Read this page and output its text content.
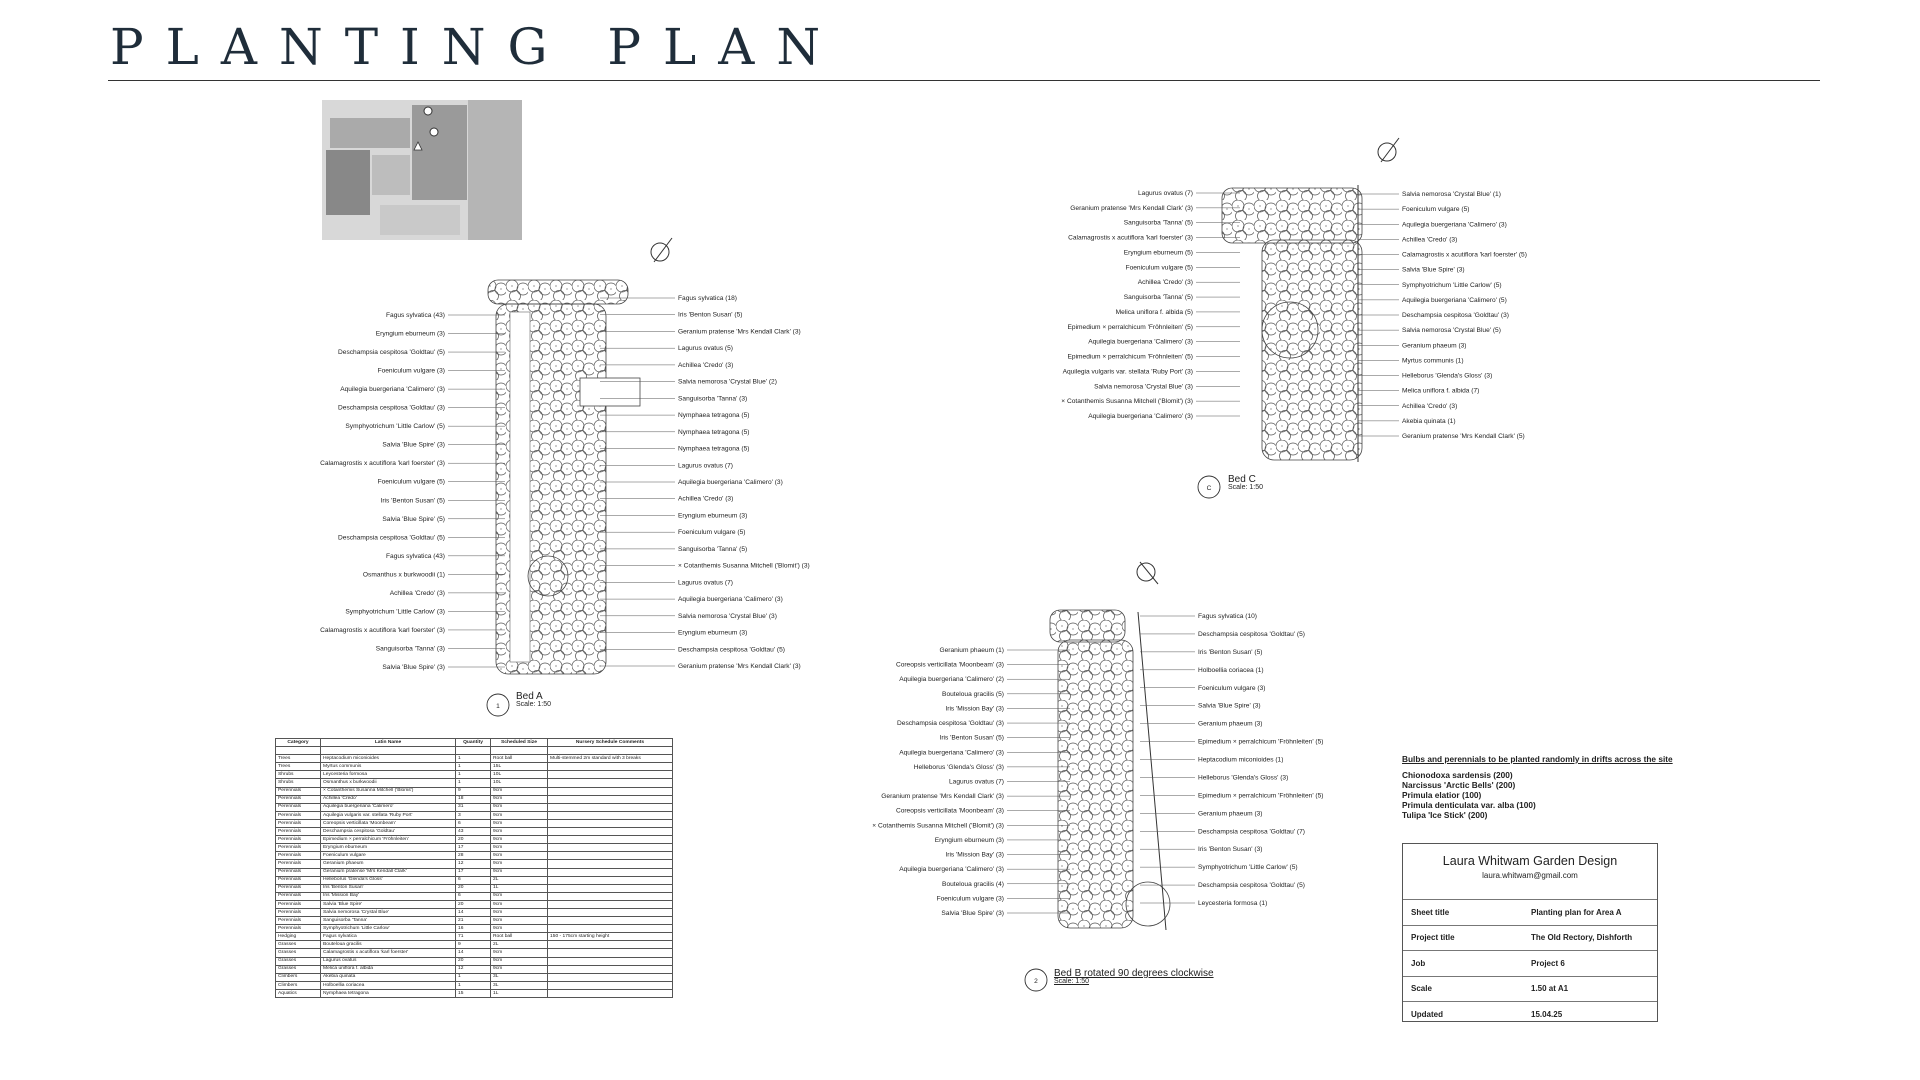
PLANTING PLAN
1
C
2
Fagus sylvatica (43)
Eryngium eburneum (3)
Deschampsia cespitosa 'Goldtau' (5)
Foeniculum vulgare (3)
Aquilegia buergeriana 'Calimero' (3)
Deschampsia cespitosa 'Goldtau' (3)
Symphyotrichum 'Little Carlow' (5)
Salvia 'Blue Spire' (3)
Calamagrostis x acutiflora 'karl foerster' (3)
Foeniculum vulgare (5)
Iris 'Benton Susan' (5)
Salvia 'Blue Spire' (5)
Deschampsia cespitosa 'Goldtau' (5)
Fagus sylvatica (43)
Osmanthus x burkwoodii (1)
Achillea 'Credo' (3)
Symphyotrichum 'Little Carlow' (3)
Calamagrostis x acutiflora 'karl foerster' (3)
Sanguisorba 'Tanna' (3)
Salvia 'Blue Spire' (3)
Fagus sylvatica (18)
Iris 'Benton Susan' (5)
Geranium pratense 'Mrs Kendall Clark' (3)
Lagurus ovatus (5)
Achillea 'Credo' (3)
Salvia nemorosa 'Crystal Blue' (2)
Sanguisorba 'Tanna' (3)
Nymphaea tetragona (5)
Nymphaea tetragona (5)
Nymphaea tetragona (5)
Lagurus ovatus (7)
Aquilegia buergeriana 'Calimero' (3)
Achillea 'Credo' (3)
Eryngium eburneum (3)
Foeniculum vulgare (5)
Sanguisorba 'Tanna' (5)
× Cotanthemis Susanna Mitchell ('Blomit') (3)
Lagurus ovatus (7)
Aquilegia buergeriana 'Calimero' (3)
Salvia nemorosa 'Crystal Blue' (3)
Eryngium eburneum (3)
Deschampsia cespitosa 'Goldtau' (5)
Geranium pratense 'Mrs Kendall Clark' (3)
Lagurus ovatus (7)
Geranium pratense 'Mrs Kendall Clark' (3)
Sanguisorba 'Tanna' (5)
Calamagrostis x acutiflora 'karl foerster' (3)
Eryngium eburneum (5)
Foeniculum vulgare (5)
Achillea 'Credo' (3)
Sanguisorba 'Tanna' (5)
Melica uniflora f. albida (5)
Epimedium × perralchicum 'Fröhnleiten' (5)
Aquilegia buergeriana 'Calimero' (3)
Epimedium × perralchicum 'Fröhnleiten' (5)
Aquilegia vulgaris var. stellata 'Ruby Port' (3)
Salvia nemorosa 'Crystal Blue' (3)
× Cotanthemis Susanna Mitchell ('Blomit') (3)
Aquilegia buergeriana 'Calimero' (3)
Salvia nemorosa 'Crystal Blue' (1)
Foeniculum vulgare (5)
Aquilegia buergeriana 'Calimero' (3)
Achillea 'Credo' (3)
Calamagrostis x acutiflora 'karl foerster' (5)
Salvia 'Blue Spire' (3)
Symphyotrichum 'Little Carlow' (5)
Aquilegia buergeriana 'Calimero' (5)
Deschampsia cespitosa 'Goldtau' (3)
Salvia nemorosa 'Crystal Blue' (5)
Geranium phaeum (3)
Myrtus communis (1)
Helleborus 'Glenda's Gloss' (3)
Melica uniflora f. albida (7)
Achillea 'Credo' (3)
Akebia quinata (1)
Geranium pratense 'Mrs Kendall Clark' (5)
Geranium phaeum (1)
Coreopsis verticillata 'Moonbeam' (3)
Aquilegia buergeriana 'Calimero' (2)
Bouteloua gracilis (5)
Iris 'Mission Bay' (3)
Deschampsia cespitosa 'Goldtau' (3)
Iris 'Benton Susan' (5)
Aquilegia buergeriana 'Calimero' (3)
Helleborus 'Glenda's Gloss' (3)
Lagurus ovatus (7)
Geranium pratense 'Mrs Kendall Clark' (3)
Coreopsis verticillata 'Moonbeam' (3)
× Cotanthemis Susanna Mitchell ('Blomit') (3)
Eryngium eburneum (3)
Iris 'Mission Bay' (3)
Aquilegia buergeriana 'Calimero' (3)
Bouteloua gracilis (4)
Foeniculum vulgare (3)
Salvia 'Blue Spire' (3)
Fagus sylvatica (10)
Deschampsia cespitosa 'Goldtau' (5)
Iris 'Benton Susan' (5)
Holboellia coriacea (1)
Foeniculum vulgare (3)
Salvia 'Blue Spire' (3)
Geranium phaeum (3)
Epimedium × perralchicum 'Fröhnleiten' (5)
Heptacodium miconioides (1)
Helleborus 'Glenda's Gloss' (3)
Epimedium × perralchicum 'Fröhnleiten' (5)
Geranium phaeum (3)
Deschampsia cespitosa 'Goldtau' (7)
Iris 'Benton Susan' (3)
Symphyotrichum 'Little Carlow' (5)
Deschampsia cespitosa 'Goldtau' (5)
Leycesteria formosa (1)
Bed A
Scale: 1:50
Bed C
Scale: 1:50
Bed B rotated 90 degrees clockwise
Scale: 1:50
Category	Latin Name	Quantity	Scheduled Size	Nursery Schedule Comments

Trees	Heptacodium miconioides	1	Root ball	Multi-stemmed 2m standard with 3 breaks
Trees	Myrtus communis	1	15L	
Shrubs	Leycesteria formosa	1	10L	
Shrubs	Osmanthus x burkwoodii	1	10L	
Perennials	× Cotanthemis Susanna Mitchell ('Blomit')	9	9cm	
Perennials	Achillea 'Credo'	18	9cm	
Perennials	Aquilegia buergeriana 'Calimero'	31	9cm	
Perennials	Aquilegia vulgaris var. stellata 'Ruby Port'	3	9cm	
Perennials	Coreopsis verticillata 'Moonbeam'	6	9cm	
Perennials	Deschampsia cespitosa 'Goldtau'	43	9cm	
Perennials	Epimedium × perralchicum 'Fröhnleiten'	20	9cm	
Perennials	Eryngium eburneum	17	9cm	
Perennials	Foeniculum vulgare	28	9cm	
Perennials	Geranium phaeum	12	9cm	
Perennials	Geranium pratense 'Mrs Kendall Clark'	17	9cm	
Perennials	Helleborus 'Glenda's Gloss'	6	2L	
Perennials	Iris 'Benton Susan'	20	1L	
Perennials	Iris 'Mission Bay'	6	9cm	
Perennials	Salvia 'Blue Spire'	20	9cm	
Perennials	Salvia nemorosa 'Crystal Blue'	14	9cm	
Perennials	Sanguisorba 'Tanna'	21	9cm	
Perennials	Symphyotrichum 'Little Carlow'	16	9cm	
Hedging	Fagus sylvatica	71	Root ball	150 - 175cm starting height
Grasses	Bouteloua gracilis	9	2L	
Grasses	Calamagrostis x acutiflora 'karl foerster'	14	9cm	
Grasses	Lagurus ovatus	20	9cm	
Grasses	Melica uniflora f. albida	12	9cm	
Climbers	Akebia quinata	1	3L	
Climbers	Holboellia coriacea	1	3L	
Aquatics	Nymphaea tetragona	15	1L	
Bulbs and perennials to be planted randomly in drifts across the site
Chionodoxa sardensis (200)
Narcissus 'Arctic Bells' (200)
Primula elatior (100)
Primula denticulata var. alba (100)
Tulipa 'Ice Stick' (200)
Laura Whitwam Garden Design
laura.whitwam@gmail.com
Sheet title	Planting plan for Area A
Project title	The Old Rectory, Dishforth
Job	Project 6
Scale	1.50 at A1
Updated	15.04.25
